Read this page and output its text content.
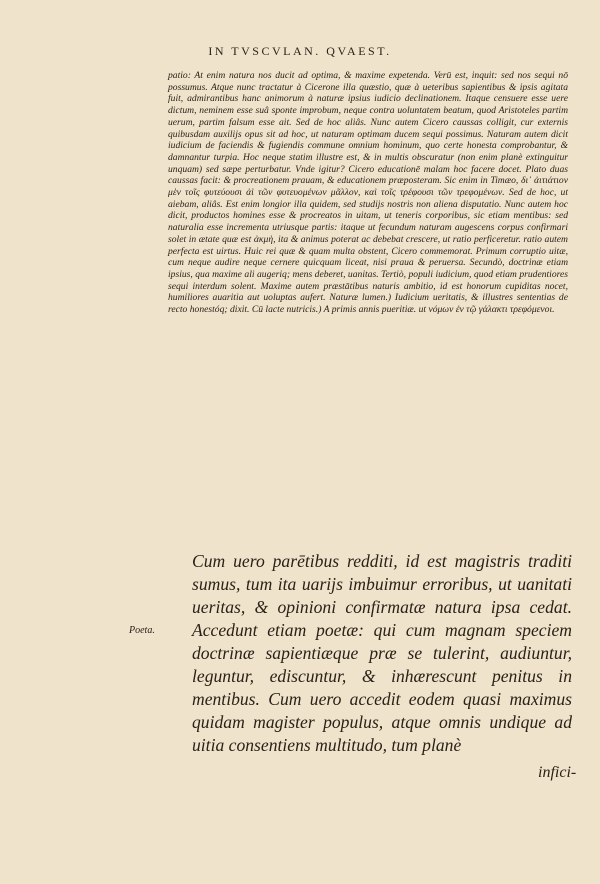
IN TVSCVLAN. QVAEST.

patio: At enim natura nos ducit ad optima, & maxime expetenda. Verū est, inquit: sed nos sequi nō possumus. Atque nunc tractatur à Cicerone illa quæstio, quæ à ueteribus sapientibus & ipsis agitata fuit, admirantibus hanc animorum à naturæ ipsius iudicio declinationem. Itaque censuere esse uere dictum, neminem esse suâ sponte improbum, neque contra uoluntatem beatum, quod Aristoteles partim uerum, partim falsum esse ait. Sed de hoc aliâs. Nunc autem Cicero caussas colligit, cur externis quibusdam auxilijs opus sit ad hoc, ut naturam optimam ducem sequi possimus. Naturam autem dicit iudicium de faciendis & fugiendis commune omnium hominum, quo certe honesta comprobantur, & damnantur turpia. Hoc neque statim illustre est, & in multis obscuratur (non enim planè extinguitur unquam) sed sæpe perturbatur. Vnde igitur? Cicero educationē malam hoc facere docet. Plato duas caussas facit: & procreationem prauam, & educationem præposteram. Sic enim in Timæo, δι᾽ ἀιτιάτιον μὲν τοῖς φυτεύουσι ἀὶ τῶν φυτευομένων μᾶλλον, καὶ τοῖς τρέφουσι τῶν τρεφομένων. Sed de hoc, ut aiebam, aliâs. Est enim longior illa quidem, sed studijs nostris non aliena disputatio. Nunc autem hoc dicit, productos homines esse & procreatos in uitam, ut teneris corporibus, sic etiam mentibus: sed naturalia esse incrementa utriusque partis: itaque ut fecundum naturam augescens corpus confirmari solet in ætate quæ est ἀκμὴ, ita & animus poterat ac debebat crescere, ut ratio perficeretur. ratio autem perfecta est uirtus. Huic rei quæ & quam multa obstent, Cicero commemorat. Primum corruptio uitæ, cum neque audire neque cernere quicquam liceat, nisi praua & peruersa. Secundò, doctrinæ etiam ipsius, qua maxime ali augeriq; mens deberet, uanitas. Tertiò, populi iudicium, quod etiam prudentiores sequi interdum solent. Maxime autem præstātibus naturis ambitio, id est honorum cupiditas nocet, humiliores auaritia aut uoluptas aufert. Naturæ lumen.) Iudicium ueritatis, & illustres sententias de recto honestóq; dixit. Cū lacte nutricis.) A primis annis pueritiæ. ut νόμων ἐν τῷ γάλακτι τρεφόμενοι.

Poeta.

Cum uero parētibus redditi, id est magistris traditi sumus, tum ita uarijs imbuimur erroribus, ut uanitati ueritas, & opinioni confirmatæ natura ipsa cedat. Accedunt etiam poetæ: qui cum magnam speciem doctrinæ sapientiæque præ se tulerint, audiuntur, leguntur, ediscuntur, & inhærescunt penitus in mentibus. Cum uero accedit eodem quasi maximus quidam magister populus, atque omnis undique ad uitia consentiens multitudo, tum planè

infici-
